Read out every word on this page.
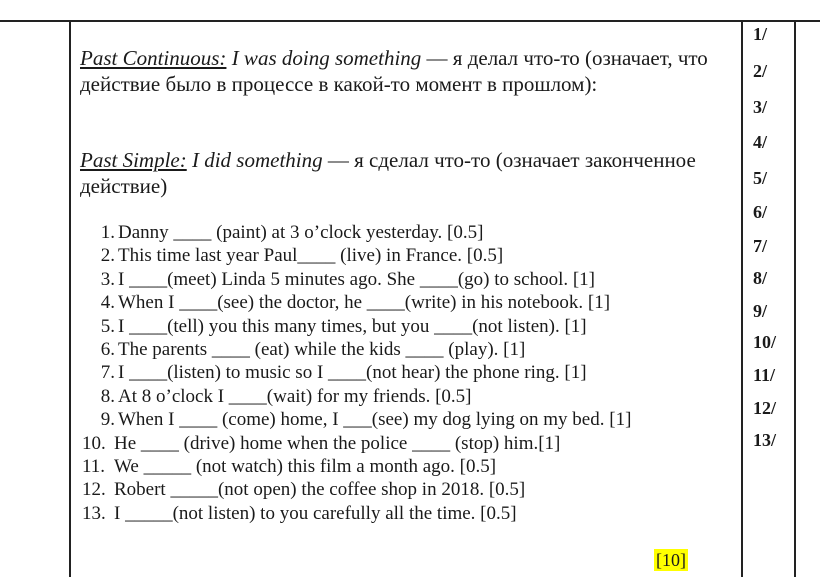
Past Continuous: I was doing something — я делал что-то (означает, что действие было в процессе в какой-то момент в прошлом):
Past Simple: I did something — я сделал что-то (означает законченное действие)
1. Danny ____ (paint) at 3 o’clock yesterday. [0.5]
2. This time last year Paul____ (live) in France. [0.5]
3. I ____(meet) Linda 5 minutes ago. She ____(go) to school. [1]
4. When I ____(see) the doctor, he ____(write) in his notebook. [1]
5. I ____(tell) you this many times, but you ____(not listen). [1]
6. The parents ____ (eat) while the kids ____ (play). [1]
7. I ____(listen) to music so I ____(not hear) the phone ring. [1]
8. At 8 o’clock I ____(wait) for my friends. [0.5]
9. When I ____ (come) home, I ___(see) my dog lying on my bed. [1]
10. He ____ (drive) home when the police ____ (stop) him.[1]
11. We _____ (not watch) this film a month ago. [0.5]
12. Robert _____(not open) the coffee shop in 2018. [0.5]
13. I _____(not listen) to you carefully all the time. [0.5]
1/
2/
3/
4/
5/
6/
7/
8/
9/
10/
11/
12/
13/
[10]
